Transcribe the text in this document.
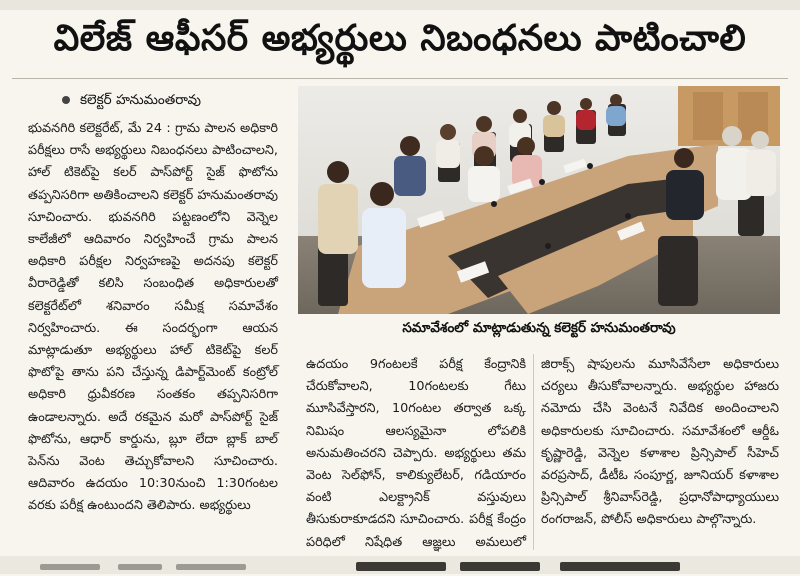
విలేజ్ ఆఫీసర్ అభ్యర్థులు నిబంధనలు పాటించాలి
కలెక్టర్ హనుమంతరావు
భువనగిరి కలెక్టరేట్, మే 24 : గ్రామ పాలన అధికారి పరీక్షలు రాసే అభ్యర్థులు నిబంధనలు పాటించాలని, హాల్ టికెట్‌పై కలర్ పాస్‌పోర్ట్ సైజ్ ఫొటోను తప్పనిసరిగా అతికించాలని కలెక్టర్ హనుమంతరావు సూచించారు. భువనగిరి పట్టణంలోని వెన్నెల కాలేజీలో ఆదివారం నిర్వహించే గ్రామ పాలన అధికారి పరీక్షల నిర్వహణపై అదనపు కలెక్టర్ వీరారెడ్డితో కలిసి సంబంధిత అధికారులతో కలెక్టరేట్‌లో శనివారం సమీక్ష సమావేశం నిర్వహించారు. ఈ సందర్భంగా ఆయన మాట్లాడుతూ అభ్యర్థులు హాల్ టికెట్‌పై కలర్ ఫొటోపై తాను పని చేస్తున్న డిపార్ట్‌మెంట్ కంట్రోల్ అధికారి ధ్రువీకరణ సంతకం తప్పనిసరిగా ఉండాలన్నారు. అదే రకమైన మరో పాస్‌పోర్ట్ సైజ్ ఫొటోను, ఆధార్ కార్డును, బ్లూ లేదా బ్లాక్ బాల్ పెన్‌ను వెంట తెచ్చుకోవాలని సూచించారు. ఆదివారం ఉదయం 10:30నుంచి 1:30గంటల వరకు పరీక్ష ఉంటుందని తెలిపారు. అభ్యర్థులు
సమావేశంలో మాట్లాడుతున్న కలెక్టర్ హనుమంతరావు
ఉదయం 9గంటలకే పరీక్ష కేంద్రానికి చేరుకోవాలని, 10గంటలకు గేటు మూసివేస్తారని, 10గంటల తర్వాత ఒక్క నిమిషం ఆలస్యమైనా లోపలికి అనుమతించరని చెప్పారు. అభ్యర్థులు తమ వెంట సెల్‌ఫోన్, కాలిక్యులేటర్, గడియారం వంటి ఎలక్ట్రానిక్ వస్తువులు తీసుకురాకూడదని సూచించారు. పరీక్ష కేంద్రం పరిధిలో నిషేధిత ఆజ్ఞలు అమలులో
జిరాక్స్ షాపులను మూసివేసేలా అధికారులు చర్యలు తీసుకోవాలన్నారు. అభ్యర్థుల హాజరు నమోదు చేసి వెంటనే నివేదిక అందించాలని అధికారులకు సూచించారు. సమావేశంలో ఆర్డీఓ కృష్ణారెడ్డి, వెన్నెల కళాశాల ప్రిన్సిపాల్ సీహెచ్ వరప్రసాద్, డీటీఓ సంపూర్ణ, జూనియర్ కళాశాల ప్రిన్సిపాల్ శ్రీనివాస్‌రెడ్డి, ప్రధానోపాధ్యాయులు రంగరాజన్, పోలీస్ అధికారులు పాల్గొన్నారు.
